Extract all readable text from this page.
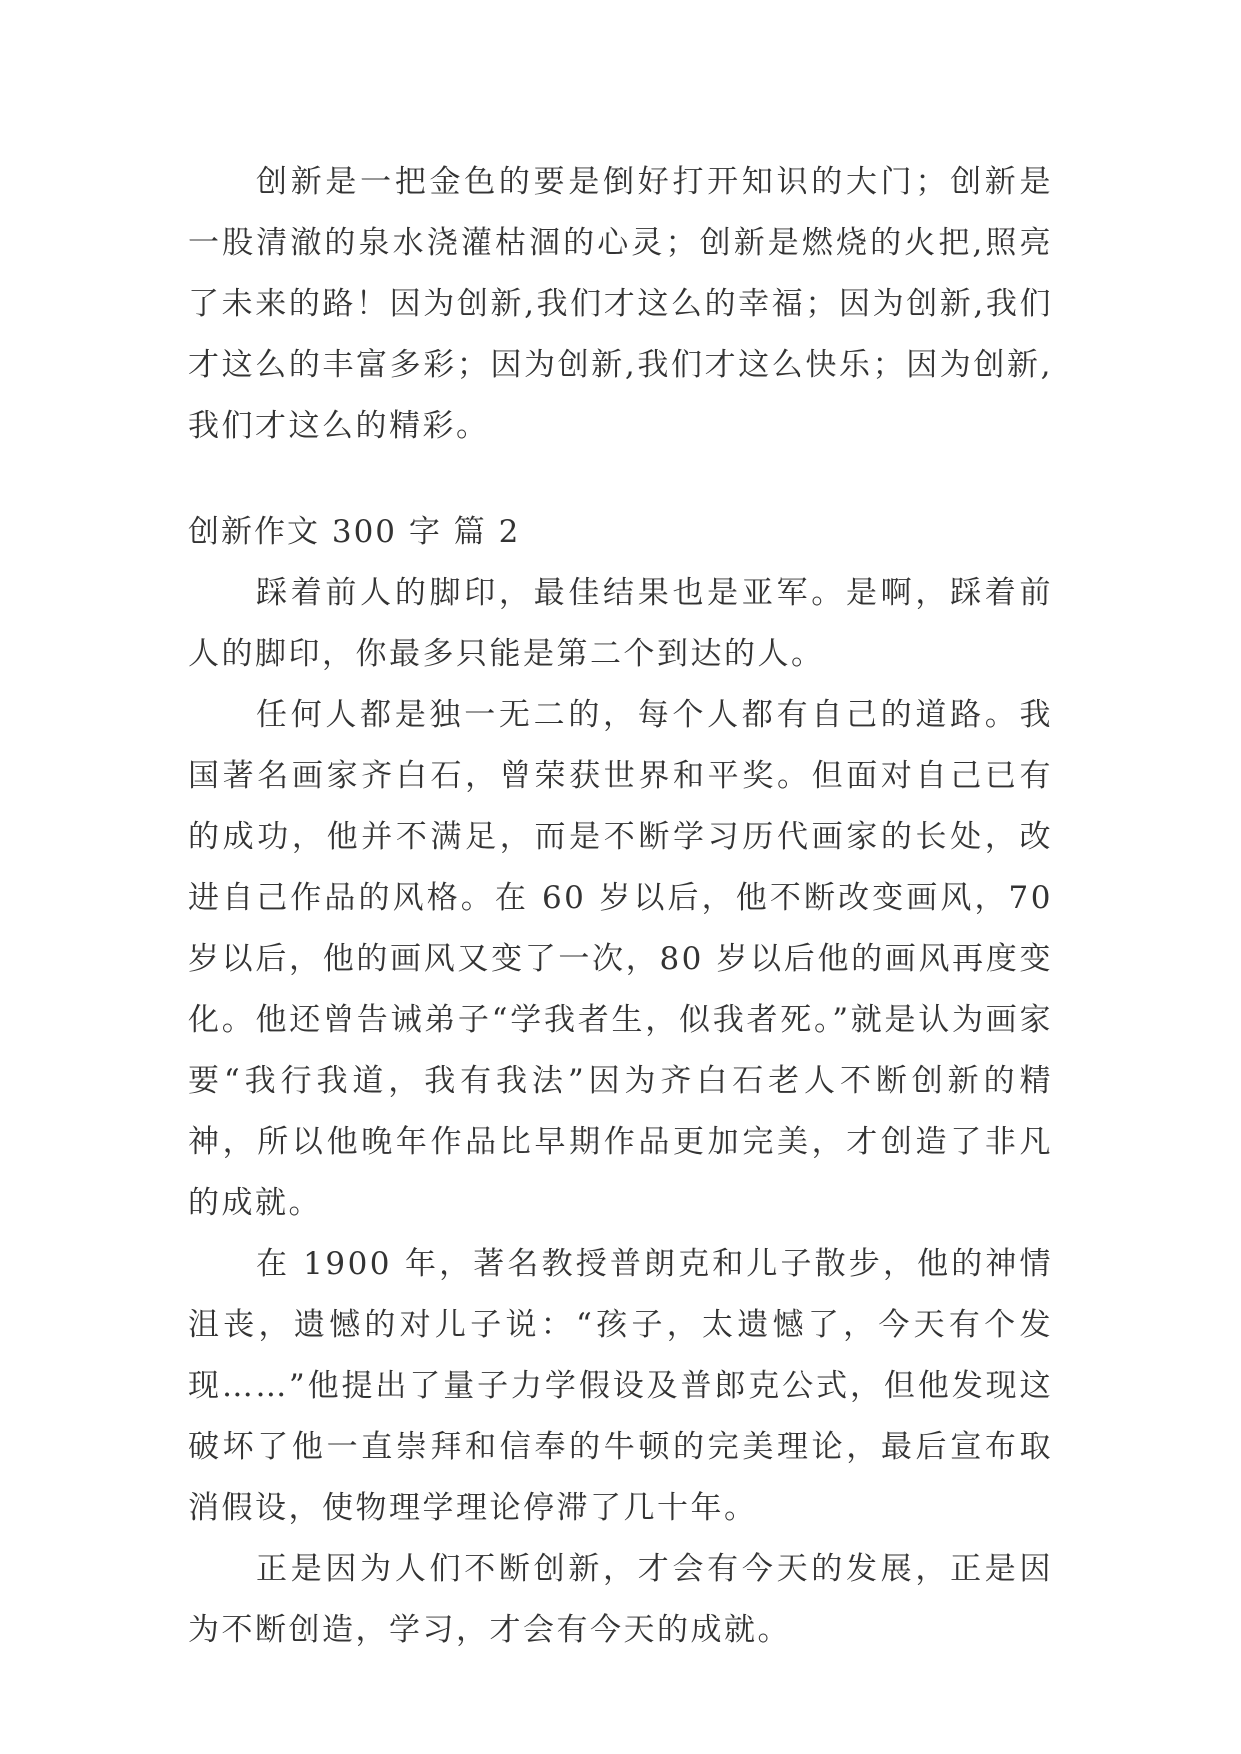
创新是一把金色的要是倒好打开知识的大门；创新是一股清澈的泉水浇灌枯涸的心灵；创新是燃烧的火把,照亮了未来的路！因为创新,我们才这么的幸福；因为创新,我们才这么的丰富多彩；因为创新,我们才这么快乐；因为创新,我们才这么的精彩。

创新作文 300 字 篇 2

踩着前人的脚印，最佳结果也是亚军。是啊，踩着前人的脚印，你最多只能是第二个到达的人。

任何人都是独一无二的，每个人都有自己的道路。我国著名画家齐白石，曾荣获世界和平奖。但面对自己已有的成功，他并不满足，而是不断学习历代画家的长处，改进自己作品的风格。在 60 岁以后，他不断改变画风，70 岁以后，他的画风又变了一次，80 岁以后他的画风再度变化。他还曾告诫弟子“学我者生，似我者死。”就是认为画家要“我行我道，我有我法”因为齐白石老人不断创新的精神，所以他晚年作品比早期作品更加完美，才创造了非凡的成就。

在 1900 年，著名教授普朗克和儿子散步，他的神情沮丧，遗憾的对儿子说：“孩子，太遗憾了，今天有个发现……”他提出了量子力学假设及普郎克公式，但他发现这破坏了他一直崇拜和信奉的牛顿的完美理论，最后宣布取消假设，使物理学理论停滞了几十年。

正是因为人们不断创新，才会有今天的发展，正是因为不断创造，学习，才会有今天的成就。
